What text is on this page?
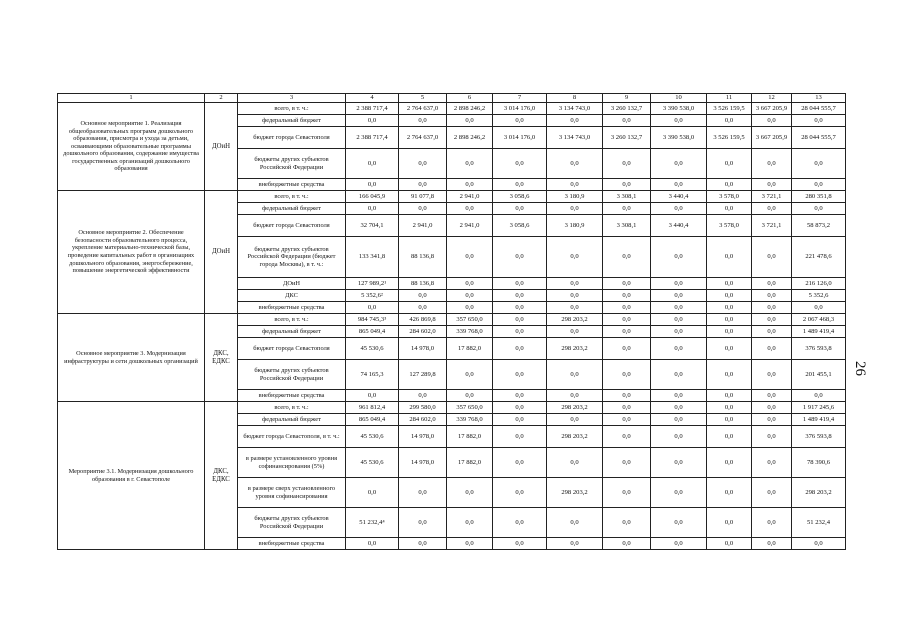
1	2	3	4	5	6	7	8	9	10	11	12	13
Основное мероприятие 1. Реализация общеобразовательных программ дошкольного образования, присмотра и ухода за детьми, осваивающими образовательные программы дошкольного образования, содержание имущества государственных организаций дошкольного образования	ДОиН	всего, в т. ч.:	2 388 717,4	2 764 637,0	2 898 246,2	3 014 176,0	3 134 743,0	3 260 132,7	3 390 538,0	3 526 159,5	3 667 205,9	28 044 555,7
		федеральный бюджет	0,0	0,0	0,0	0,0	0,0	0,0	0,0	0,0	0,0	0,0
		бюджет города Севастополя	2 388 717,4	2 764 637,0	2 898 246,2	3 014 176,0	3 134 743,0	3 260 132,7	3 390 538,0	3 526 159,5	3 667 205,9	28 044 555,7
		бюджеты других субъектов Российской Федерации	0,0	0,0	0,0	0,0	0,0	0,0	0,0	0,0	0,0	0,0
		внебюджетные средства	0,0	0,0	0,0	0,0	0,0	0,0	0,0	0,0	0,0	0,0
Основное мероприятие 2. Обеспечение безопасности образовательного процесса, укрепление материально-технической базы, проведение капитальных работ в организациях дошкольного образования, энергосбережение, повышение энергетической эффективности	ДОиН	всего, в т. ч.:	166 045,9	91 077,8	2 941,0	3 058,6	3 180,9	3 308,1	3 440,4	3 578,0	3 721,1	280 351,8
		федеральный бюджет	0,0	0,0	0,0	0,0	0,0	0,0	0,0	0,0	0,0	0,0
		бюджет города Севастополя	32 704,1	2 941,0	2 941,0	3 058,6	3 180,9	3 308,1	3 440,4	3 578,0	3 721,1	58 873,2
		бюджеты других субъектов Российской Федерации (бюджет города Москвы), в т. ч.:	133 341,8	88 136,8	0,0	0,0	0,0	0,0	0,0	0,0	0,0	221 478,6
		ДОиН	127 989,2¹	88 136,8	0,0	0,0	0,0	0,0	0,0	0,0	0,0	216 126,0
		ДКС	5 352,6²	0,0	0,0	0,0	0,0	0,0	0,0	0,0	0,0	5 352,6
		внебюджетные средства	0,0	0,0	0,0	0,0	0,0	0,0	0,0	0,0	0,0	0,0
Основное мероприятие 3. Модернизация инфраструктуры и сети дошкольных организаций	ДКС, ЕДКС	всего, в т. ч.:	984 745,3³	426 869,8	357 650,0	0,0	298 203,2	0,0	0,0	0,0	0,0	2 067 468,3
		федеральный бюджет	865 049,4	284 602,0	339 768,0	0,0	0,0	0,0	0,0	0,0	0,0	1 489 419,4
		бюджет города Севастополя	45 530,6	14 978,0	17 882,0	0,0	298 203,2	0,0	0,0	0,0	0,0	376 593,8
		бюджеты других субъектов Российской Федерации	74 165,3	127 289,8	0,0	0,0	0,0	0,0	0,0	0,0	0,0	201 455,1
		внебюджетные средства	0,0	0,0	0,0	0,0	0,0	0,0	0,0	0,0	0,0	0,0
Мероприятие 3.1. Модернизация дошкольного образования в г. Севастополе	ДКС, ЕДКС	всего, в т. ч.:	961 812,4	299 580,0	357 650,0	0,0	298 203,2	0,0	0,0	0,0	0,0	1 917 245,6
		федеральный бюджет	865 049,4	284 602,0	339 768,0	0,0	0,0	0,0	0,0	0,0	0,0	1 489 419,4
		бюджет города Севастополя, в т. ч.:	45 530,6	14 978,0	17 882,0	0,0	298 203,2	0,0	0,0	0,0	0,0	376 593,8
		в размере установленного уровня софинансирования (5%)	45 530,6	14 978,0	17 882,0	0,0	0,0	0,0	0,0	0,0	0,0	78 390,6
		в размере сверх установленного уровня софинансирования	0,0	0,0	0,0	0,0	298 203,2	0,0	0,0	0,0	0,0	298 203,2
		бюджеты других субъектов Российской Федерации	51 232,4⁴	0,0	0,0	0,0	0,0	0,0	0,0	0,0	0,0	51 232,4
		внебюджетные средства	0,0	0,0	0,0	0,0	0,0	0,0	0,0	0,0	0,0	0,0
26
